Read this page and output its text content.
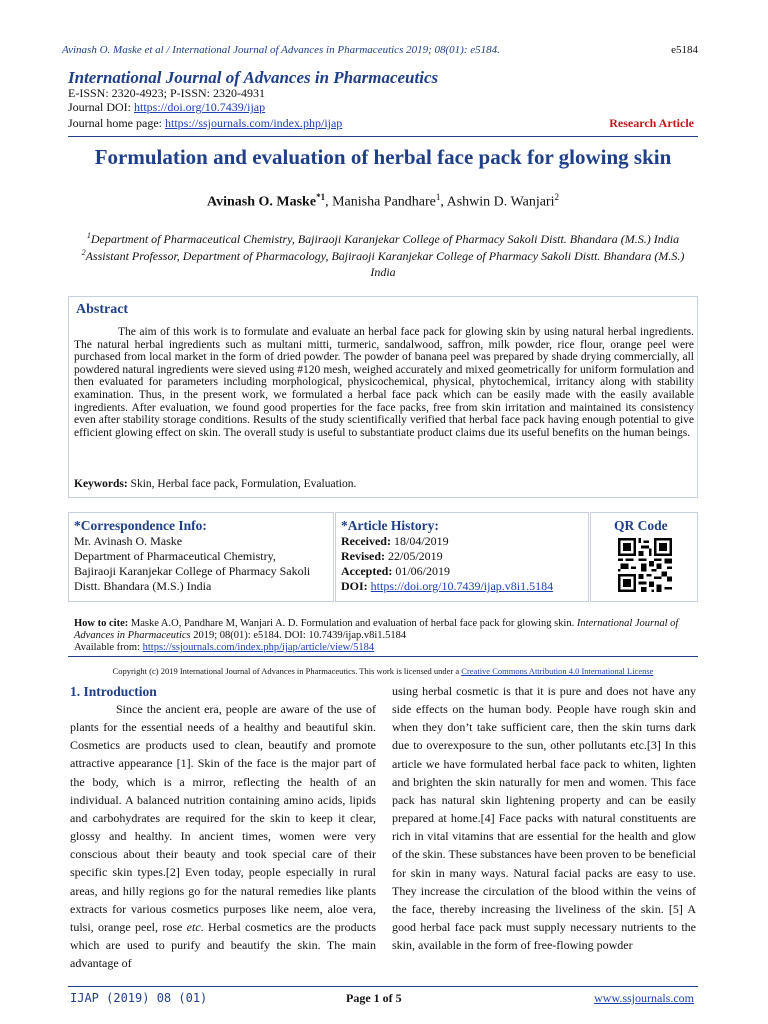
Avinash O. Maske et al / International Journal of Advances in Pharmaceutics 2019; 08(01): e5184.	e5184
International Journal of Advances in Pharmaceutics
E-ISSN: 2320-4923; P-ISSN: 2320-4931
Journal DOI: https://doi.org/10.7439/ijap
Journal home page: https://ssjournals.com/index.php/ijap	Research Article
Formulation and evaluation of herbal face pack for glowing skin
Avinash O. Maske$^{*1}$, Manisha Pandhare$^1$, Ashwin D. Wanjari$^2$
$^1$Department of Pharmaceutical Chemistry, Bajiraoji Karanjekar College of Pharmacy Sakoli Distt. Bhandara (M.S.) India
$^2$Assistant Professor, Department of Pharmacology, Bajiraoji Karanjekar College of Pharmacy Sakoli Distt. Bhandara (M.S.) India
Abstract
The aim of this work is to formulate and evaluate an herbal face pack for glowing skin by using natural herbal ingredients. The natural herbal ingredients such as multani mitti, turmeric, sandalwood, saffron, milk powder, rice flour, orange peel were purchased from local market in the form of dried powder. The powder of banana peel was prepared by shade drying commercially, all powdered natural ingredients were sieved using #120 mesh, weighed accurately and mixed geometrically for uniform formulation and then evaluated for parameters including morphological, physicochemical, physical, phytochemical, irritancy along with stability examination. Thus, in the present work, we formulated a herbal face pack which can be easily made with the easily available ingredients. After evaluation, we found good properties for the face packs, free from skin irritation and maintained its consistency even after stability storage conditions. Results of the study scientifically verified that herbal face pack having enough potential to give efficient glowing effect on skin. The overall study is useful to substantiate product claims due its useful benefits on the human beings.
Keywords: Skin, Herbal face pack, Formulation, Evaluation.
*Correspondence Info:
Mr. Avinash O. Maske
Department of Pharmaceutical Chemistry,
Bajiraoji Karanjekar College of Pharmacy Sakoli
Distt. Bhandara (M.S.) India
*Article History:
Received: 18/04/2019
Revised: 22/05/2019
Accepted: 01/06/2019
DOI: https://doi.org/10.7439/ijap.v8i1.5184
QR Code
How to cite: Maske A.O, Pandhare M, Wanjari A. D. Formulation and evaluation of herbal face pack for glowing skin. International Journal of Advances in Pharmaceutics 2019; 08(01): e5184. DOI: 10.7439/ijap.v8i1.5184
Available from: https://ssjournals.com/index.php/ijap/article/view/5184
Copyright (c) 2019 International Journal of Advances in Pharmaceutics. This work is licensed under a Creative Commons Attribution 4.0 International License
1. Introduction
Since the ancient era, people are aware of the use of plants for the essential needs of a healthy and beautiful skin. Cosmetics are products used to clean, beautify and promote attractive appearance [1]. Skin of the face is the major part of the body, which is a mirror, reflecting the health of an individual. A balanced nutrition containing amino acids, lipids and carbohydrates are required for the skin to keep it clear, glossy and healthy. In ancient times, women were very conscious about their beauty and took special care of their specific skin types.[2] Even today, people especially in rural areas, and hilly regions go for the natural remedies like plants extracts for various cosmetics purposes like neem, aloe vera, tulsi, orange peel, rose etc. Herbal cosmetics are the products which are used to purify and beautify the skin. The main advantage of
using herbal cosmetic is that it is pure and does not have any side effects on the human body. People have rough skin and when they don’t take sufficient care, then the skin turns dark due to overexposure to the sun, other pollutants etc.[3] In this article we have formulated herbal face pack to whiten, lighten and brighten the skin naturally for men and women. This face pack has natural skin lightening property and can be easily prepared at home.[4] Face packs with natural constituents are rich in vital vitamins that are essential for the health and glow of the skin. These substances have been proven to be beneficial for skin in many ways. Natural facial packs are easy to use. They increase the circulation of the blood within the veins of the face, thereby increasing the liveliness of the skin. [5] A good herbal face pack must supply necessary nutrients to the skin, available in the form of free-flowing powder
IJAP (2019) 08 (01)	Page 1 of 5	www.ssjournals.com
